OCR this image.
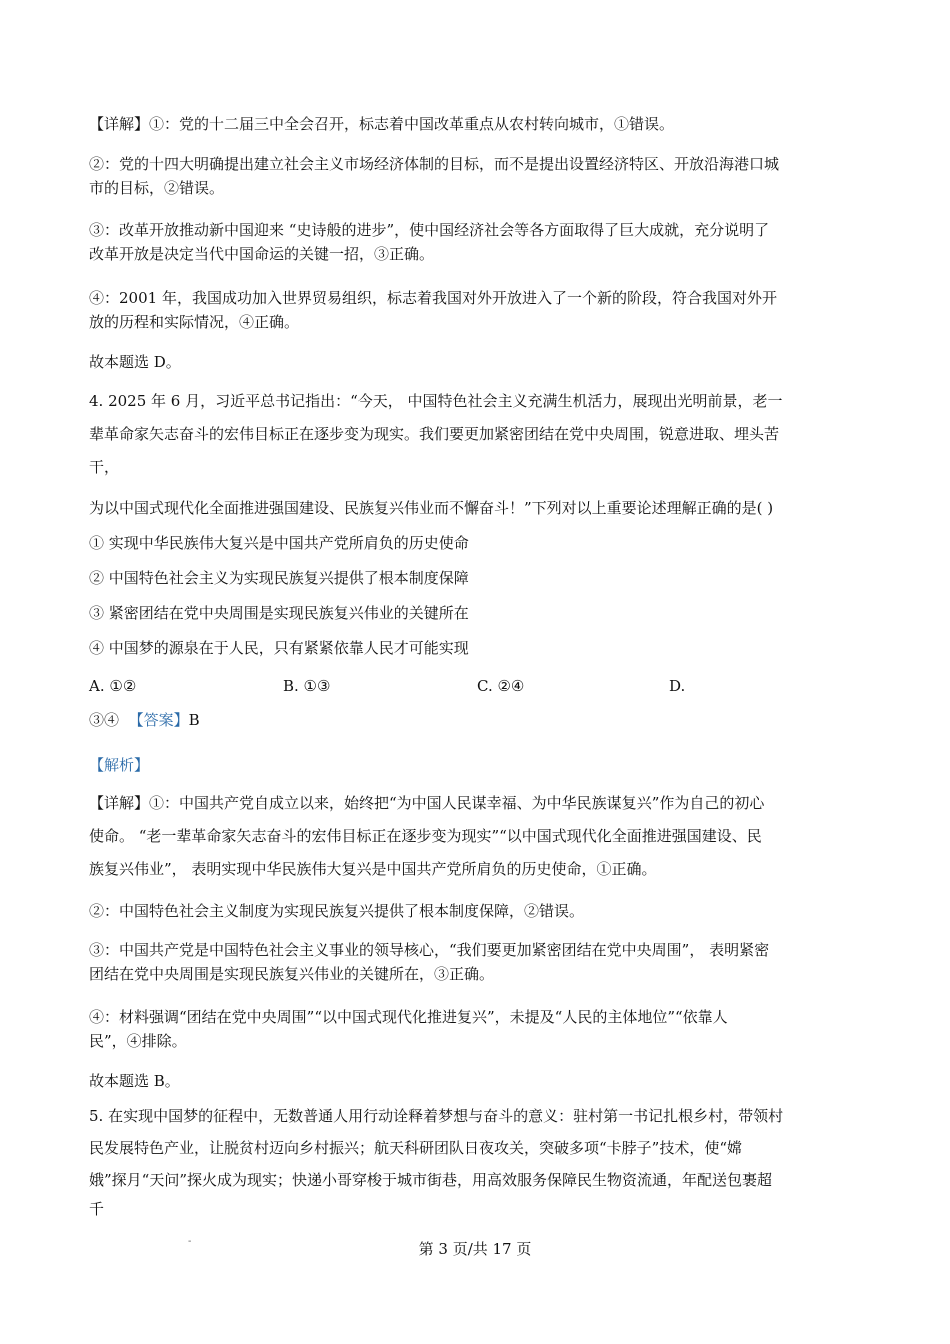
【详解】①：党的十二届三中全会召开，标志着中国改革重点从农村转向城市，①错误。

②：党的十四大明确提出建立社会主义市场经济体制的目标，而不是提出设置经济特区、开放沿海港口城

市的目标，②错误。

③：改革开放推动新中国迎来 “史诗般的进步”，使中国经济社会等各方面取得了巨大成就，充分说明了

改革开放是决定当代中国命运的关键一招，③正确。

④：2001 年，我国成功加入世界贸易组织，标志着我国对外开放进入了一个新的阶段，符合我国对外开

放的历程和实际情况，④正确。

故本题选 D。

4. 2025 年 6 月，习近平总书记指出：“今天， 中国特色社会主义充满生机活力，展现出光明前景，老一

辈革命家矢志奋斗的宏伟目标正在逐步变为现实。我们要更加紧密团结在党中央周围，锐意进取、埋头苦

干，

为以中国式现代化全面推进强国建设、民族复兴伟业而不懈奋斗！”下列对以上重要论述理解正确的是( )

① 实现中华民族伟大复兴是中国共产党所肩负的历史使命

② 中国特色社会主义为实现民族复兴提供了根本制度保障

③ 紧密团结在党中央周围是实现民族复兴伟业的关键所在

④ 中国梦的源泉在于人民，只有紧紧依靠人民才可能实现

A. ①②	B. ①③	C. ②④	D.

③④ 【答案】B

【解析】

【详解】①：中国共产党自成立以来，始终把“为中国人民谋幸福、为中华民族谋复兴”作为自己的初心

使命。 “老一辈革命家矢志奋斗的宏伟目标正在逐步变为现实”“以中国式现代化全面推进强国建设、民

族复兴伟业”， 表明实现中华民族伟大复兴是中国共产党所肩负的历史使命，①正确。

②：中国特色社会主义制度为实现民族复兴提供了根本制度保障，②错误。

③：中国共产党是中国特色社会主义事业的领导核心，“我们要更加紧密团结在党中央周围”， 表明紧密

团结在党中央周围是实现民族复兴伟业的关键所在，③正确。

④：材料强调“团结在党中央周围”“以中国式现代化推进复兴”，未提及“人民的主体地位”“依靠人

民”，④排除。

故本题选 B。

5. 在实现中国梦的征程中，无数普通人用行动诠释着梦想与奋斗的意义：驻村第一书记扎根乡村，带领村

民发展特色产业，让脱贫村迈向乡村振兴；航天科研团队日夜攻关，突破多项“卡脖子”技术，使“嫦

娥”探月“天问”探火成为现实；快递小哥穿梭于城市街巷，用高效服务保障民生物资流通，年配送包裹超

千

-	第 3 页/共 17 页
